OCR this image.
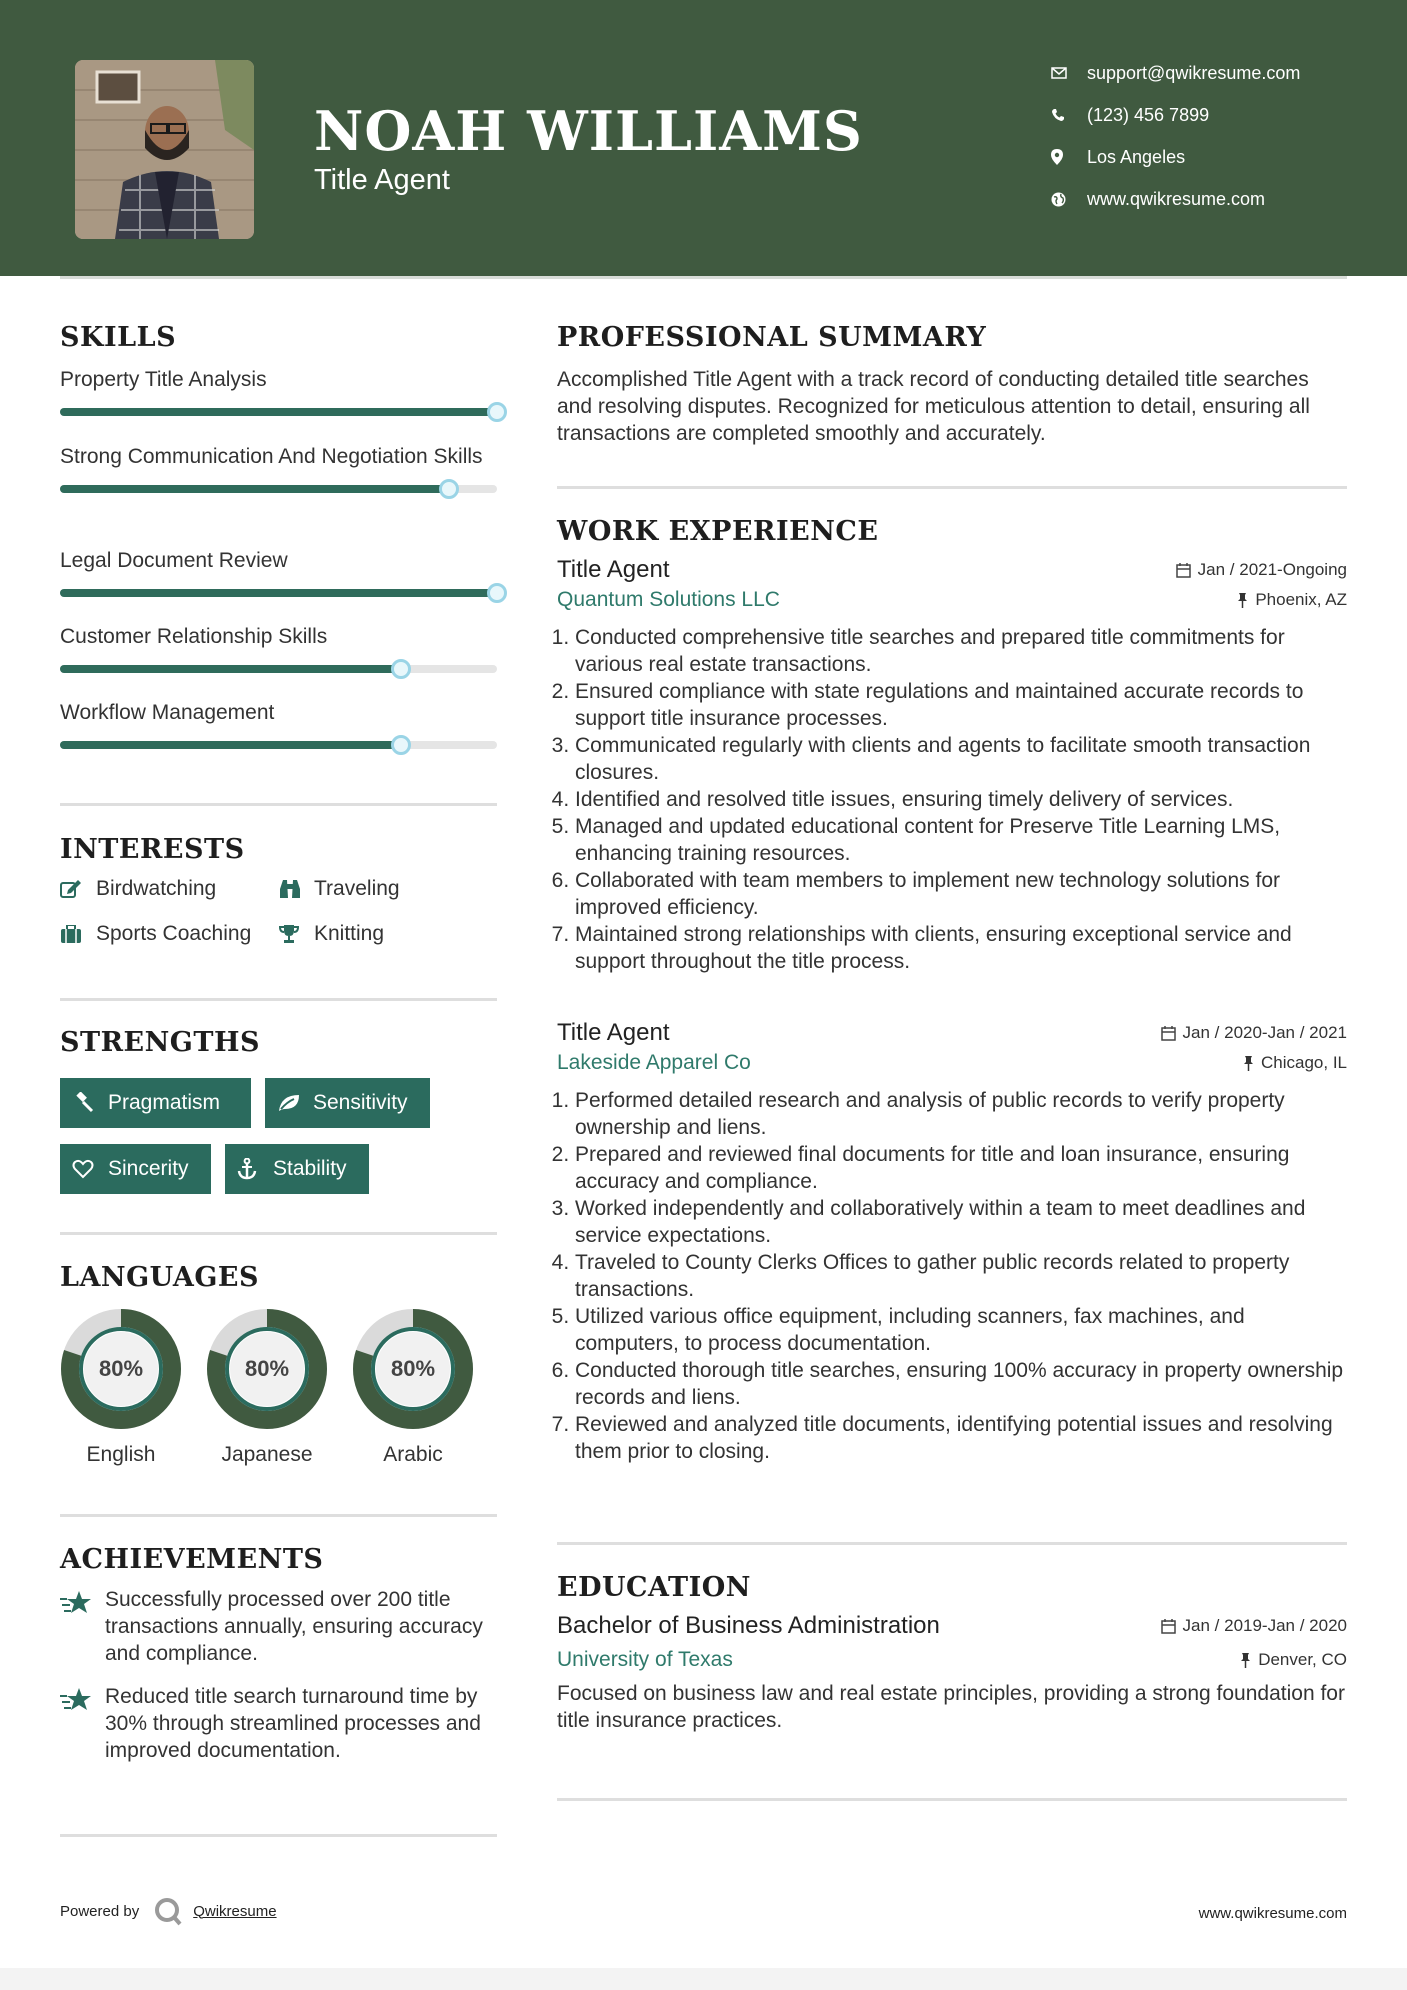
NOAH WILLIAMS
Title Agent
support@qwikresume.com
(123) 456 7899
Los Angeles
www.qwikresume.com
SKILLS
Property Title Analysis
Strong Communication And Negotiation Skills
Legal Document Review
Customer Relationship Skills
Workflow Management
INTERESTS
Birdwatching	Traveling
Sports Coaching	Knitting
STRENGTHS
Pragmatism	Sensitivity
Sincerity	Stability
LANGUAGES
80%
English
80%
Japanese
80%
Arabic
ACHIEVEMENTS
Successfully processed over 200 title transactions annually, ensuring accuracy and compliance.
Reduced title search turnaround time by 30% through streamlined processes and improved documentation.
PROFESSIONAL SUMMARY

Accomplished Title Agent with a track record of conducting detailed title searches and resolving disputes. Recognized for meticulous attention to detail, ensuring all transactions are completed smoothly and accurately.

WORK EXPERIENCE
Title Agent	Jan / 2021-Ongoing
Quantum Solutions LLC	Phoenix, AZ
1. Conducted comprehensive title searches and prepared title commitments for various real estate transactions.
2. Ensured compliance with state regulations and maintained accurate records to support title insurance processes.
3. Communicated regularly with clients and agents to facilitate smooth transaction closures.
4. Identified and resolved title issues, ensuring timely delivery of services.
5. Managed and updated educational content for Preserve Title Learning LMS, enhancing training resources.
6. Collaborated with team members to implement new technology solutions for improved efficiency.
7. Maintained strong relationships with clients, ensuring exceptional service and support throughout the title process.
Title Agent	Jan / 2020-Jan / 2021
Lakeside Apparel Co	Chicago, IL
1. Performed detailed research and analysis of public records to verify property ownership and liens.
2. Prepared and reviewed final documents for title and loan insurance, ensuring accuracy and compliance.
3. Worked independently and collaboratively within a team to meet deadlines and service expectations.
4. Traveled to County Clerks Offices to gather public records related to property transactions.
5. Utilized various office equipment, including scanners, fax machines, and computers, to process documentation.
6. Conducted thorough title searches, ensuring 100% accuracy in property ownership records and liens.
7. Reviewed and analyzed title documents, identifying potential issues and resolving them prior to closing.
EDUCATION
Bachelor of Business Administration	Jan / 2019-Jan / 2020
University of Texas	Denver, CO

Focused on business law and real estate principles, providing a strong foundation for title insurance practices.

Powered by	Qwikresume	www.qwikresume.com
